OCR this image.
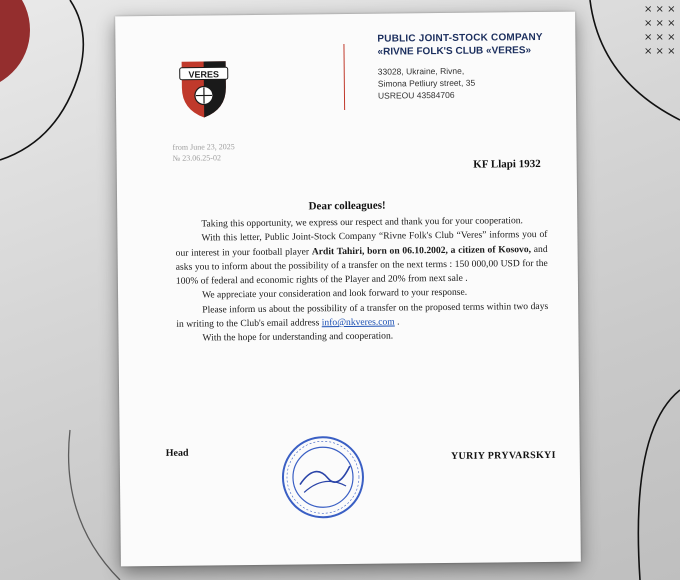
× × ×
× × ×
× × ×
× × ×
VERES
PUBLIC JOINT-STOCK COMPANY
«RIVNE FOLK'S CLUB «VERES»
33028, Ukraine, Rivne,
Simona Petliury street, 35
USREOU 43584706
from June 23, 2025
№ 23.06.25-02	KF Llapi 1932
Dear colleagues!

Taking this opportunity, we express our respect and thank you for your cooperation.

With this letter, Public Joint-Stock Company “Rivne Folk's Club “Veres” informs you of our interest in your football player Ardit Tahiri, born on 06.10.2002, a citizen of Kosovo, and asks you to inform about the possibility of a transfer on the next terms : 150 000,00 USD for the 100% of federal and economic rights of the Player and 20% from next sale .

We appreciate your consideration and look forward to your response.

Please inform us about the possibility of a transfer on the proposed terms within two days in writing to the Club's email address info@nkveres.com .

With the hope for understanding and cooperation.

Head	YURIY PRYVARSKYI
